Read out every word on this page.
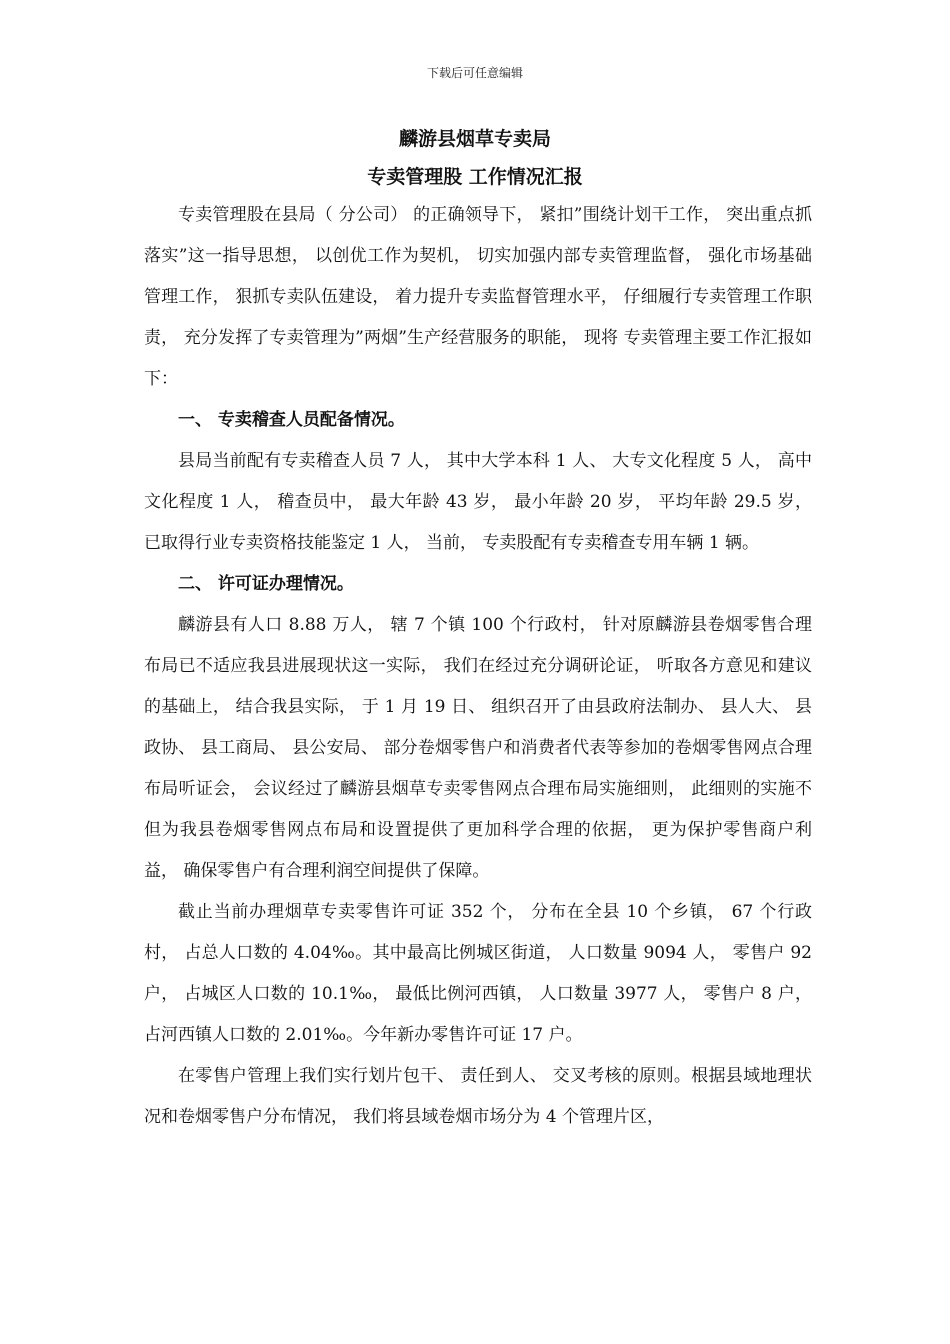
下载后可任意编辑
麟游县烟草专卖局
专卖管理股 工作情况汇报

专卖管理股在县局（ 分公司） 的正确领导下， 紧扣”围绕计划干工作， 突出重点抓落实”这一指导思想， 以创优工作为契机， 切实加强内部专卖管理监督， 强化市场基础管理工作， 狠抓专卖队伍建设， 着力提升专卖监督管理水平， 仔细履行专卖管理工作职责， 充分发挥了专卖管理为”两烟”生产经营服务的职能， 现将 专卖管理主要工作汇报如下：

一、 专卖稽查人员配备情况。

县局当前配有专卖稽查人员 7 人， 其中大学本科 1 人、 大专文化程度 5 人， 高中文化程度 1 人， 稽查员中， 最大年龄 43 岁， 最小年龄 20 岁， 平均年龄 29.5 岁， 已取得行业专卖资格技能鉴定 1 人， 当前， 专卖股配有专卖稽查专用车辆 1 辆。

二、 许可证办理情况。

麟游县有人口 8.88 万人， 辖 7 个镇 100 个行政村， 针对原麟游县卷烟零售合理布局已不适应我县进展现状这一实际， 我们在经过充分调研论证， 听取各方意见和建议的基础上， 结合我县实际， 于 1 月 19 日、 组织召开了由县政府法制办、 县人大、 县政协、 县工商局、 县公安局、 部分卷烟零售户和消费者代表等参加的卷烟零售网点合理布局听证会， 会议经过了麟游县烟草专卖零售网点合理布局实施细则， 此细则的实施不但为我县卷烟零售网点布局和设置提供了更加科学合理的依据， 更为保护零售商户利益， 确保零售户有合理利润空间提供了保障。

截止当前办理烟草专卖零售许可证 352 个， 分布在全县 10 个乡镇， 67 个行政村， 占总人口数的 4.04‰。其中最高比例城区街道， 人口数量 9094 人， 零售户 92 户， 占城区人口数的 10.1‰， 最低比例河西镇， 人口数量 3977 人， 零售户 8 户， 占河西镇人口数的 2.01‰。今年新办零售许可证 17 户。

在零售户管理上我们实行划片包干、 责任到人、 交叉考核的原则。根据县域地理状况和卷烟零售户分布情况， 我们将县域卷烟市场分为 4 个管理片区，
